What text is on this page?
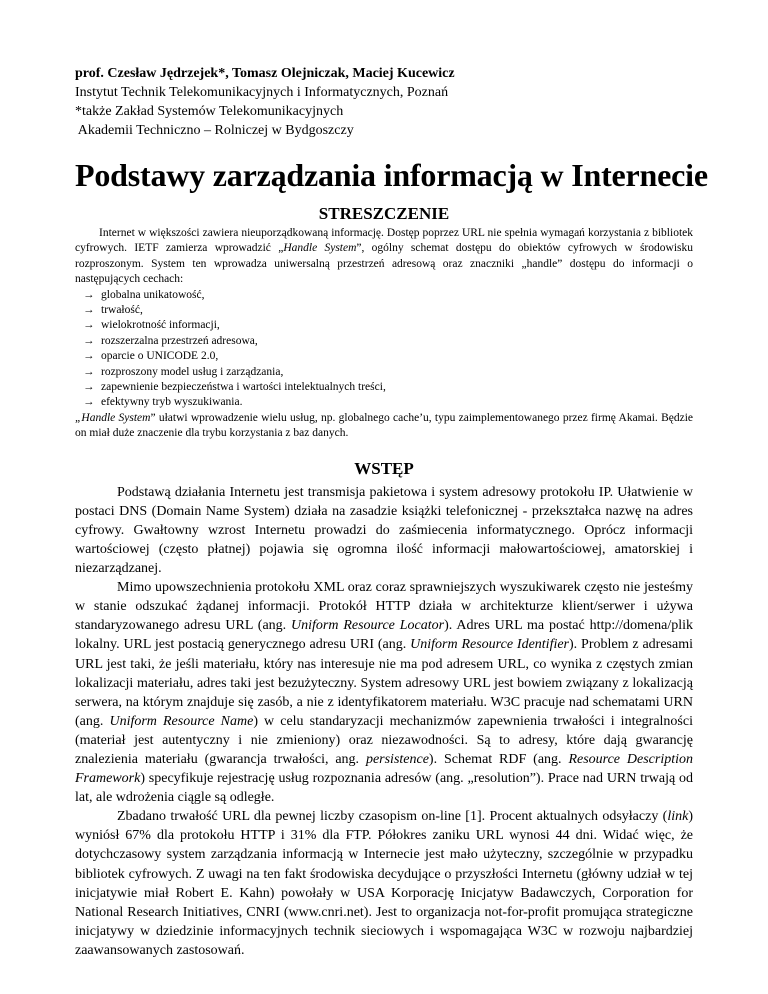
prof. Czesław Jędrzejek*, Tomasz Olejniczak, Maciej Kucewicz
Instytut Technik Telekomunikacyjnych i Informatycznych, Poznań
*także Zakład Systemów Telekomunikacyjnych
Akademii Techniczno – Rolniczej w Bydgoszczy
Podstawy zarządzania informacją w Internecie
STRESZCZENIE

Internet w większości zawiera nieuporządkowaną informację. Dostęp poprzez URL nie spełnia wymagań korzystania z bibliotek cyfrowych. IETF zamierza wprowadzić „Handle System”, ogólny schemat dostępu do obiektów cyfrowych w środowisku rozproszonym. System ten wprowadza uniwersalną przestrzeń adresową oraz znaczniki „handle” dostępu do informacji o następujących cechach:

→ globalna unikatowość,
→ trwałość,
→ wielokrotność informacji,
→ rozszerzalna przestrzeń adresowa,
→ oparcie o UNICODE 2.0,
→ rozproszony model usług i zarządzania,
→ zapewnienie bezpieczeństwa i wartości intelektualnych treści,
→ efektywny tryb wyszukiwania.

„Handle System” ułatwi wprowadzenie wielu usług, np. globalnego cache’u, typu zaimplementowanego przez firmę Akamai. Będzie on miał duże znaczenie dla trybu korzystania z baz danych.

WSTĘP

Podstawą działania Internetu jest transmisja pakietowa i system adresowy protokołu IP. Ułatwienie w postaci DNS (Domain Name System) działa na zasadzie książki telefonicznej - przekształca nazwę na adres cyfrowy. Gwałtowny wzrost Internetu prowadzi do zaśmiecenia informatycznego. Oprócz informacji wartościowej (często płatnej) pojawia się ogromna ilość informacji małowartościowej, amatorskiej i niezarządzanej.

Mimo upowszechnienia protokołu XML oraz coraz sprawniejszych wyszukiwarek często nie jesteśmy w stanie odszukać żądanej informacji. Protokół HTTP działa w architekturze klient/serwer i używa standaryzowanego adresu URL (ang. Uniform Resource Locator). Adres URL ma postać http://domena/plik lokalny. URL jest postacią generycznego adresu URI (ang. Uniform Resource Identifier). Problem z adresami URL jest taki, że jeśli materiału, który nas interesuje nie ma pod adresem URL, co wynika z częstych zmian lokalizacji materiału, adres taki jest bezużyteczny. System adresowy URL jest bowiem związany z lokalizacją serwera, na którym znajduje się zasób, a nie z identyfikatorem materiału. W3C pracuje nad schematami URN (ang. Uniform Resource Name) w celu standaryzacji mechanizmów zapewnienia trwałości i integralności (materiał jest autentyczny i nie zmieniony) oraz niezawodności. Są to adresy, które dają gwarancję znalezienia materiału (gwarancja trwałości, ang. persistence). Schemat RDF (ang. Resource Description Framework) specyfikuje rejestrację usług rozpoznania adresów (ang. „resolution”). Prace nad URN trwają od lat, ale wdrożenia ciągle są odległe.

Zbadano trwałość URL dla pewnej liczby czasopism on-line [1]. Procent aktualnych odsyłaczy (link) wyniósł 67% dla protokołu HTTP i 31% dla FTP. Półokres zaniku URL wynosi 44 dni. Widać więc, że dotychczasowy system zarządzania informacją w Internecie jest mało użyteczny, szczególnie w przypadku bibliotek cyfrowych. Z uwagi na ten fakt środowiska decydujące o przyszłości Internetu (główny udział w tej inicjatywie miał Robert E. Kahn) powołały w USA Korporację Inicjatyw Badawczych, Corporation for National Research Initiatives, CNRI (www.cnri.net). Jest to organizacja not-for-profit promująca strategiczne inicjatywy w dziedzinie informacyjnych technik sieciowych i wspomagająca W3C w rozwoju najbardziej zaawansowanych zastosowań.
